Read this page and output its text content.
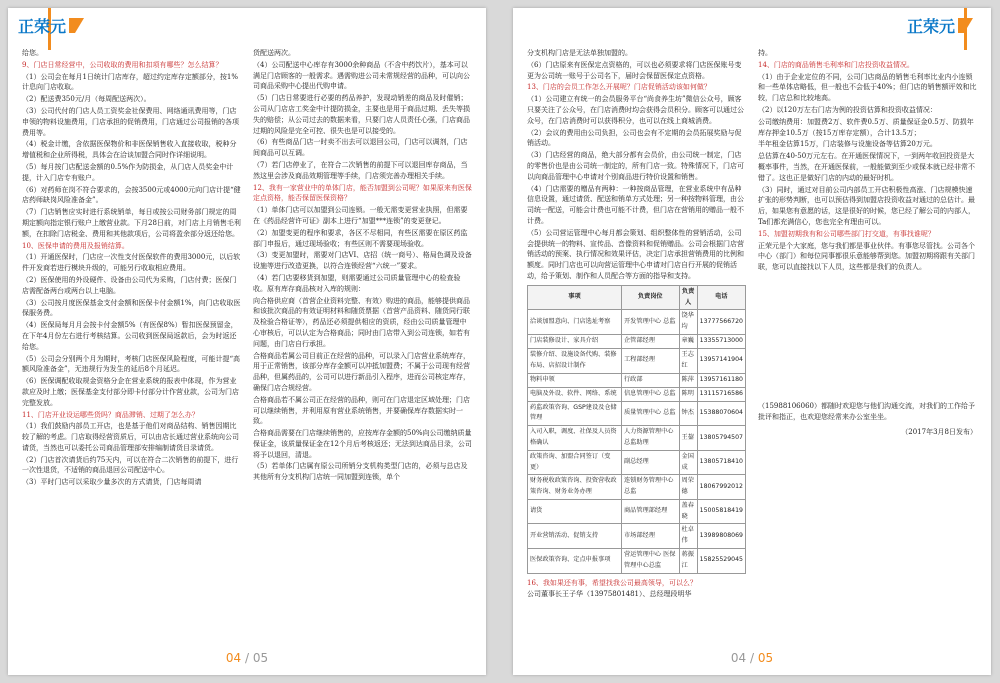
正荣元

给您。

9、门店日常经营中，公司收取的费用和扣项有哪些？怎么结算？

（1）公司会在每月1日统计门店库存，超过约定库存定额部分，按1%计息向门店收取。

（2）配送费350元/月（每周配送两次）。

（3）公司代付的门店人员工资奖金社保费用、网络通讯费用等，门店申领的物料设施费用，门店承担的促销费用，门店通过公司报销的各项费用等。

（4）税金计缴，含依据医保物价和非医保销售收入直接收取，税种分增值税和企业所得税，具体会在洽谈加盟合同时作详细说明。

（5）每月按门店配送金额的0.5%作为防损金，从门店人员奖金中计提，计入门店专有账户。

（6）对药师在岗不符合要求的，会按3500元或4000元向门店计提“健店药师缺岗风险准备金”。

（7）门店销售应实时进行系统销单，每日或按公司财务部门规定的周期定额向指定银行账户上缴营业款。下月28日前，对门店上月销售毛利额，在扣除门店税金、费用和其他款项后，公司将盈余部分返还给您。

10、医保申请的费用及报销结算。

（1）开通医保时，门店应一次性支付医保软件的费用3000元，以后软件开发商若进行模块升级的，可能另行收取相应费用。

（2）医保使用的外设硬件、设备由公司代为采购，门店付费；医保门店需配备两台或两台以上电脑。

（3）公司按月度医保基金支付金额和医保卡付金额1%，向门店收取医保服务费。

（4）医保局每月月会按卡付金额5%（有医保8%）暂扣医保预留金，在下年4月份左右进行考核结算。公司收到医保局返款后，会为时返还给您。

（5）公司会分别两个月为期时，考核门店医保风险程度，可能计提“高额风险准备金”，无违规行为发生的延后8个月延迟。

（6）医保调配收取规金资格分企在营业系统的报表中体现，作为营业款应及时上缴；医保基金支付部分即卡付部分计作营业款，公司为门店完整发放。

11、门店开业设运哪些货吗？商品滞销、过期了怎么办？

（1）我们鼓励内部员工开店，也是基于他们对商品结构、销售因期比较了解的考虑。门店取得经营资质后，可以由店长通过营业系统向公司请货，当然也可以委托公司商品管理部安排编制请货目录请货。

（2）门店首次请货后约75天内，可以在符合二次销售的前提下，进行一次性退货，不适销的商品退回公司配送中心。

（3）平时门店可以采取少量多次的方式请货，门店每周请

货配送两次。

（4）公司配送中心库存有3000余种商品（不含中药饮片），基本可以满足门店顾客的一般需求。遇需购进公司未常规经营的品种，可以向公司商品采购中心提出代购申请。

（5）门店日常要进行必要的药品养护，发现动销差的商品及时催销；公司从门店店工奖金中计提防损金，主要也是用于商品过期、丢失等损失的赔偿；从公司过去的数据来看，只要门店人员责任心强，门店商品过期的风险是完全可控、很失也是可以接受的。

（6）有些商品门店一时卖不出去可以退回公司，门店可以调剂，门店间商品可以互调。

（7）若门店停业了，在符合二次销售的前提下可以退回库存商品，当然这里会涉及商品效期管理等手续，门店须完善办理相关手续。

12、我有一家营业中的单体门店，能否加盟到公司呢？如果原来有医保定点资格，能否保留医保资格？

（1）单体门店可以加盟到公司连锁。一般无需变更营业执照，但需要在《药品经营许可证》副本上进行“加盟***连锁”的变更登记。

（2）加盟变更的程序和要求，各区不尽相同，有些区需要在原区药监部门申报后，通过现场验收；有些区则不需要现场验收。

（3）变更加盟时，需要对门店VI、店招（统一商号）、格局色调及设备设施等进行改造更换，以符合连锁经营“六统一”要求。

（4）若门店要移货到加盟，则需要通过公司质量管理中心的检查验收。原有库存商品核对入库的规则：

向合格供应商（首营企业资料完整、有效）购进的商品，能够提供商品和该批次商品的有效证明材料和随货票据（首营产品资料、随货同行联及检验合格证等），药品还必须提供相应的资质，经由公司质量管理中心审核后，可以认定为合格商品；同时由门店带入到公司连锁，如若有问题，由门店自行承担。

合格商品若属公司目前正在经营的品种，可以录入门店营业系统库存，用于正常销售，该部分库存金额可以冲抵加盟费；不属于公司现有经营品种，但属药品的，公司可以进行新品引入程序，进而公司核定库存，确保门店合规经营。

合格商品若不属公司正在经营的品种，则可在门店退定区域处理；门店可以继续销售，并利用原有营业系统销售，并要确保库存数据实时一致。

合格商品需要在门店继续销售的，应按库存金额的50%向公司缴纳质量保证金，该质量保证金在12个月后考核返还；无法到达商品目录，公司将予以退回，清退。

（5）若单体门店属有原公司所销分支机构类型门店的，必须与总店及其他所有分支机构门店统一同加盟到连锁，单个

04 / 05
正荣元

分支机构门店是无法单独加盟的。

（6）门店原来有医保定点资格的，可以也必须要求将门店医保账号变更为公司统一账号于公司名下，届时会保留医保定点资格。

13、门店的会员工作怎么开展呢？门店促销活动该如何做？

（1）公司建立有统一的会员服务平台“尚食养生坊”微信公众号，顾客只要关注了公众号，在门店消费时均会获得会员积分。顾客可以通过公众号，在门店消费时可以获得积分，也可以在线上商城消费。

（2）会议的费用由公司负担，公司也会有不定期的会员拓展奖励与促销活动。

（3）门店经营的商品，绝大部分都有会员价，由公司统一制定，门店的零售价也是由公司统一制定的，所有门店一致。特殊情况下，门店可以向商品管理中心申请对个别商品进行特价设置和销售。

（4）门店需要的赠品有两种：一种按商品管理，在营业系统中有品种信息设置，通过请货、配送和销单方式处理；另一种按物料管理，由公司统一配送，可能会计费也可能不计费，但门店在营销用的赠品一般不计费。

（5）公司营运管理中心每月都会策划、组织整体性的营销活动，公司会提供统一的物料、宣传品、音像资料和促销赠品。公司会根据门店营销活动的预案、执行情况和效果评估，决定门店承担营销费用的比例和额度。同时门店也可以向营运管理中心申请对门店自行开展的促销活动，给予策划、制作和人员配合等方面的指导和支持。

事项	负责岗位	负责人	电话
洽谈加盟意向、门店选址考察	开发管理中心 总监	饶华均	13777566720
门店装修设计、家具介绍	企管部经理	章巍	13355713000
装修介绍、设施设备代购、装修布局、店招设计制作	工程部经理	王志红	13957141904
物料申领	行政部	陈萍	13957161180
电脑及外设、软件、网络、系统	信息管理中心 总监	陈明	13115716586
药监政策咨询、GSP建设及仓储管理	质量管理中心 总监	钟杰	15388070604
入司入职，调度、社保及人员资格确认	人力资源管理中心总监助理	王鋆	13805794507
政策咨询、加盟合同签订（变更）	副总经理	金国成	13805718410
财务税收政策咨询、投资营收政策咨询、财务业务办理	连锁财务管理中心 总监	周荣德	18067992012
请货	商品管理部经理	盖春晓	15005818419
开业营销活动、促销支持	市场部经理	杜卓伟	13989808069
医保政策咨询、定点申报事项	营运管理中心 医保管理中心总监	蒋振江	15825529045

16、我如果还有事，希望找我公司最高领导，可以么？

公司董事长王子华（13975801481）、总经理段明华

持。

14、门店的商品销售毛利率和门店投资收益情况。

（1）由于企业定位的不同，公司门店商品的销售毛利率比业内小连锁和一些单体店略低，但一般也不会低于40%；但门店的销售额评效和比较，门店总和比较地高。

（2）以120万左右门店为例的投资估算和投资收益情况：

公司缴纳费用：加盟费2万、软件费0.5万、质量保证金0.5万、防损年库存押金10.5万（按15万库存定额），合计13.5万；

半年租金估算15万，门店装修与设施设备等估算20万元。

总估算在40-50万元左右。在开通医保情况下，一到两年收回投资是大概率事件，当然，在开通医保前，一般能做到至少或保本就已经非常不错了。这也正是做好门店的内动的最好时机。

（3）同时，通过对目前公司内部员工开店积极性高涨、门店规模快速扩张的形势判断，也可以预估得到加盟店投资收益对通过的总估计。最后，如果您有意愿的话，这是很好的时候，您已经了解公司的内部人，Ta们都充满信心，您也完全有理由可以。

15、加盟初期我有和公司哪些部门打交道，有事找谁呢？

正荣元是个大家庭，您与我们都是事业伙伴。有事您尽管找。公司各个中心（部门）和每位同事都很乐意能够帮到您。加盟初期将跟有关部门联，您可以直接找以下人员，这些都是我们的负责人。

（15988106060）都随时欢迎您与他们沟通交流，对我们的工作给予批评和指正，也欢迎您经常来办公室坐坐。

（2017年3月8日发布）
04 / 05
